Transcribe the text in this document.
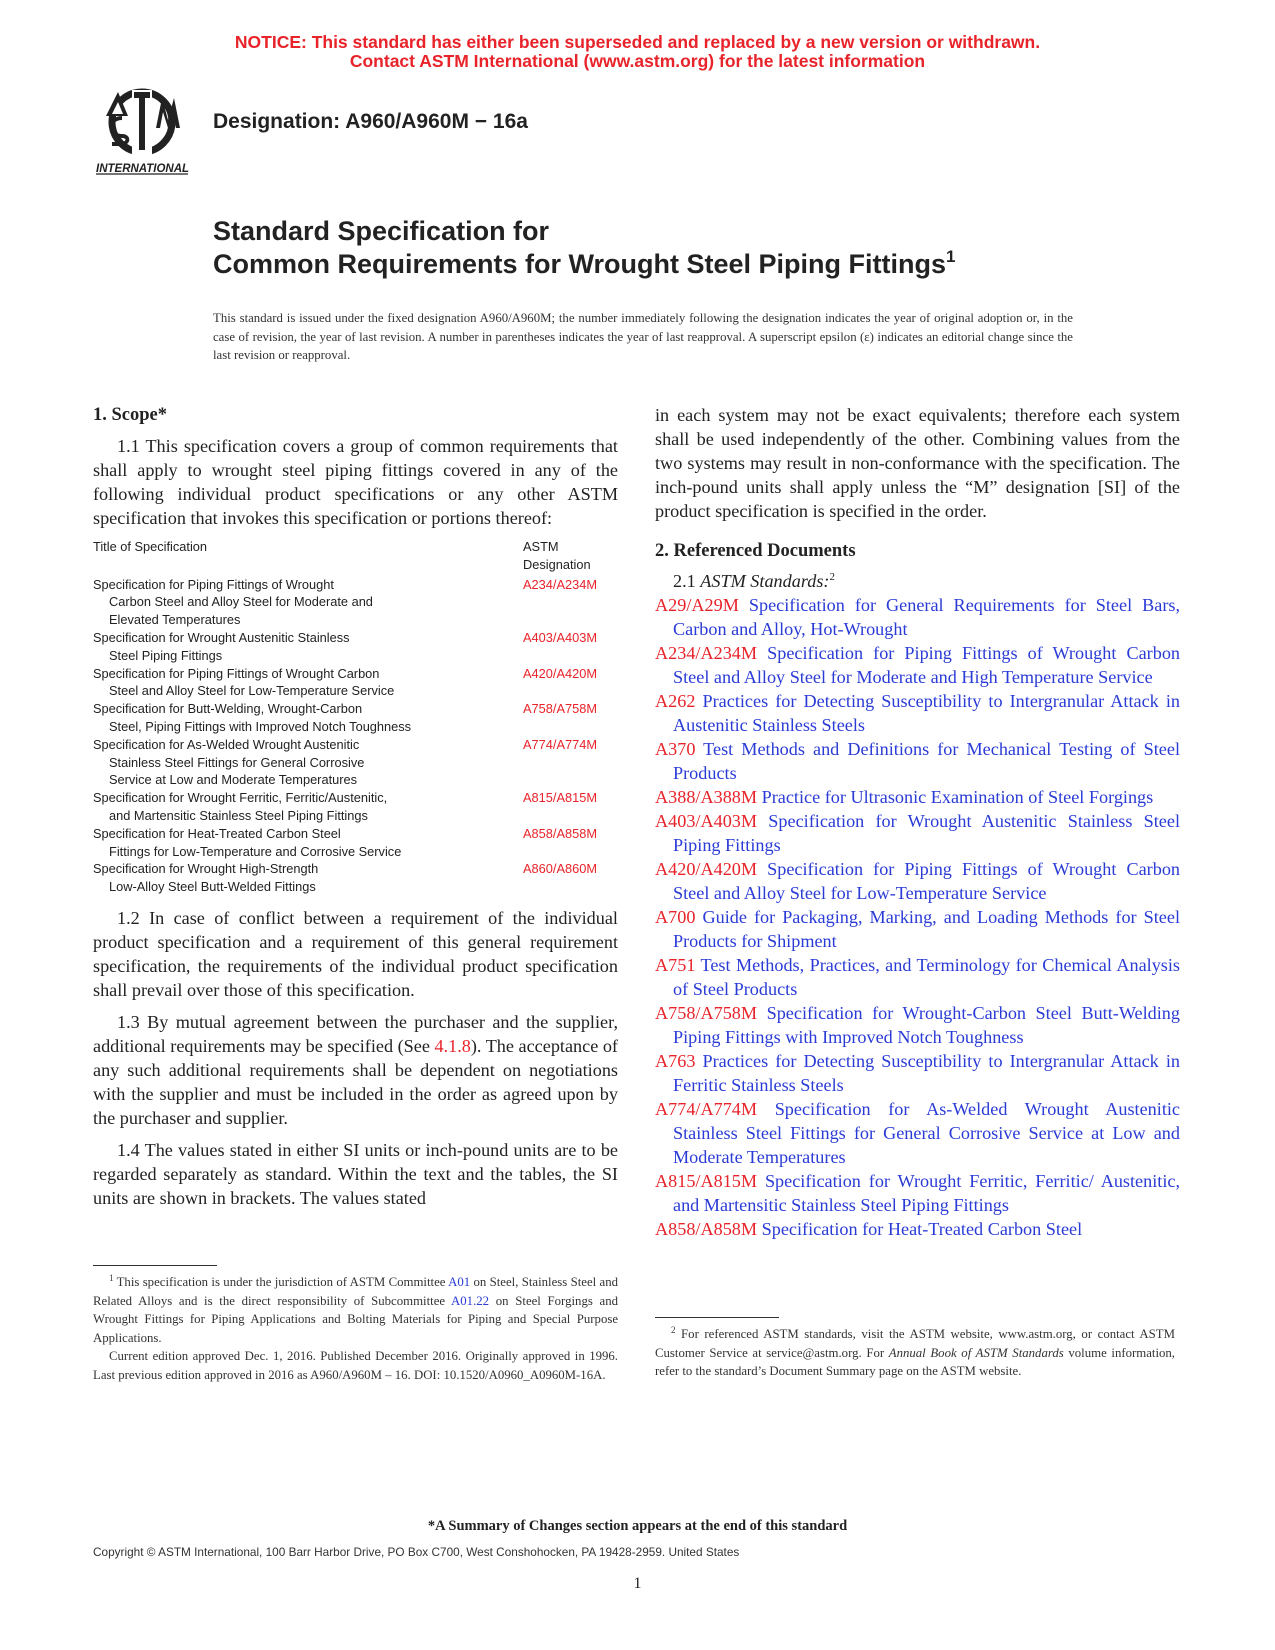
NOTICE: This standard has either been superseded and replaced by a new version or withdrawn.
Contact ASTM International (www.astm.org) for the latest information
INTERNATIONAL
Designation: A960/A960M − 16a
Standard Specification for
Common Requirements for Wrought Steel Piping Fittings$^1$
This standard is issued under the fixed designation A960/A960M; the number immediately following the designation indicates the year of original adoption or, in the case of revision, the year of last revision. A number in parentheses indicates the year of last reapproval. A superscript epsilon (ε) indicates an editorial change since the last revision or reapproval.
1. Scope*
1.1 This specification covers a group of common requirements that shall apply to wrought steel piping fittings covered in any of the following individual product specifications or any other ASTM specification that invokes this specification or portions thereof:
Title of Specification	ASTM
Designation
Specification for Piping Fittings of Wrought
Carbon Steel and Alloy Steel for Moderate and
Elevated Temperatures
A234/A234M
Specification for Wrought Austenitic Stainless
Steel Piping Fittings
A403/A403M
Specification for Piping Fittings of Wrought Carbon
Steel and Alloy Steel for Low-Temperature Service
A420/A420M
Specification for Butt-Welding, Wrought-Carbon
Steel, Piping Fittings with Improved Notch Toughness
A758/A758M
Specification for As-Welded Wrought Austenitic
Stainless Steel Fittings for General Corrosive
Service at Low and Moderate Temperatures
A774/A774M
Specification for Wrought Ferritic, Ferritic/Austenitic,
and Martensitic Stainless Steel Piping Fittings
A815/A815M
Specification for Heat-Treated Carbon Steel
Fittings for Low-Temperature and Corrosive Service
A858/A858M
Specification for Wrought High-Strength
Low-Alloy Steel Butt-Welded Fittings
A860/A860M
1.2 In case of conflict between a requirement of the individual product specification and a requirement of this general requirement specification, the requirements of the individual product specification shall prevail over those of this specification.
1.3 By mutual agreement between the purchaser and the supplier, additional requirements may be specified (See 4.1.8). The acceptance of any such additional requirements shall be dependent on negotiations with the supplier and must be included in the order as agreed upon by the purchaser and supplier.
1.4 The values stated in either SI units or inch-pound units are to be regarded separately as standard. Within the text and the tables, the SI units are shown in brackets. The values stated
in each system may not be exact equivalents; therefore each system shall be used independently of the other. Combining values from the two systems may result in non-conformance with the specification. The inch-pound units shall apply unless the “M” designation [SI] of the product specification is specified in the order.
2. Referenced Documents
2.1 ASTM Standards:$^2$
A29/A29M Specification for General Requirements for Steel Bars, Carbon and Alloy, Hot-Wrought
A234/A234M Specification for Piping Fittings of Wrought Carbon Steel and Alloy Steel for Moderate and High Temperature Service
A262 Practices for Detecting Susceptibility to Intergranular Attack in Austenitic Stainless Steels
A370 Test Methods and Definitions for Mechanical Testing of Steel Products
A388/A388M Practice for Ultrasonic Examination of Steel Forgings
A403/A403M Specification for Wrought Austenitic Stainless Steel Piping Fittings
A420/A420M Specification for Piping Fittings of Wrought Carbon Steel and Alloy Steel for Low-Temperature Service
A700 Guide for Packaging, Marking, and Loading Methods for Steel Products for Shipment
A751 Test Methods, Practices, and Terminology for Chemical Analysis of Steel Products
A758/A758M Specification for Wrought-Carbon Steel Butt-Welding Piping Fittings with Improved Notch Toughness
A763 Practices for Detecting Susceptibility to Intergranular Attack in Ferritic Stainless Steels
A774/A774M Specification for As-Welded Wrought Austenitic Stainless Steel Fittings for General Corrosive Service at Low and Moderate Temperatures
A815/A815M Specification for Wrought Ferritic, Ferritic/ Austenitic, and Martensitic Stainless Steel Piping Fittings
A858/A858M Specification for Heat-Treated Carbon Steel
$^1$ This specification is under the jurisdiction of ASTM Committee A01 on Steel, Stainless Steel and Related Alloys and is the direct responsibility of Subcommittee A01.22 on Steel Forgings and Wrought Fittings for Piping Applications and Bolting Materials for Piping and Special Purpose Applications.
Current edition approved Dec. 1, 2016. Published December 2016. Originally approved in 1996. Last previous edition approved in 2016 as A960/A960M – 16. DOI: 10.1520/A0960_A0960M-16A.
$^2$ For referenced ASTM standards, visit the ASTM website, www.astm.org, or contact ASTM Customer Service at service@astm.org. For Annual Book of ASTM Standards volume information, refer to the standard’s Document Summary page on the ASTM website.
*A Summary of Changes section appears at the end of this standard
Copyright © ASTM International, 100 Barr Harbor Drive, PO Box C700, West Conshohocken, PA 19428-2959. United States
1
